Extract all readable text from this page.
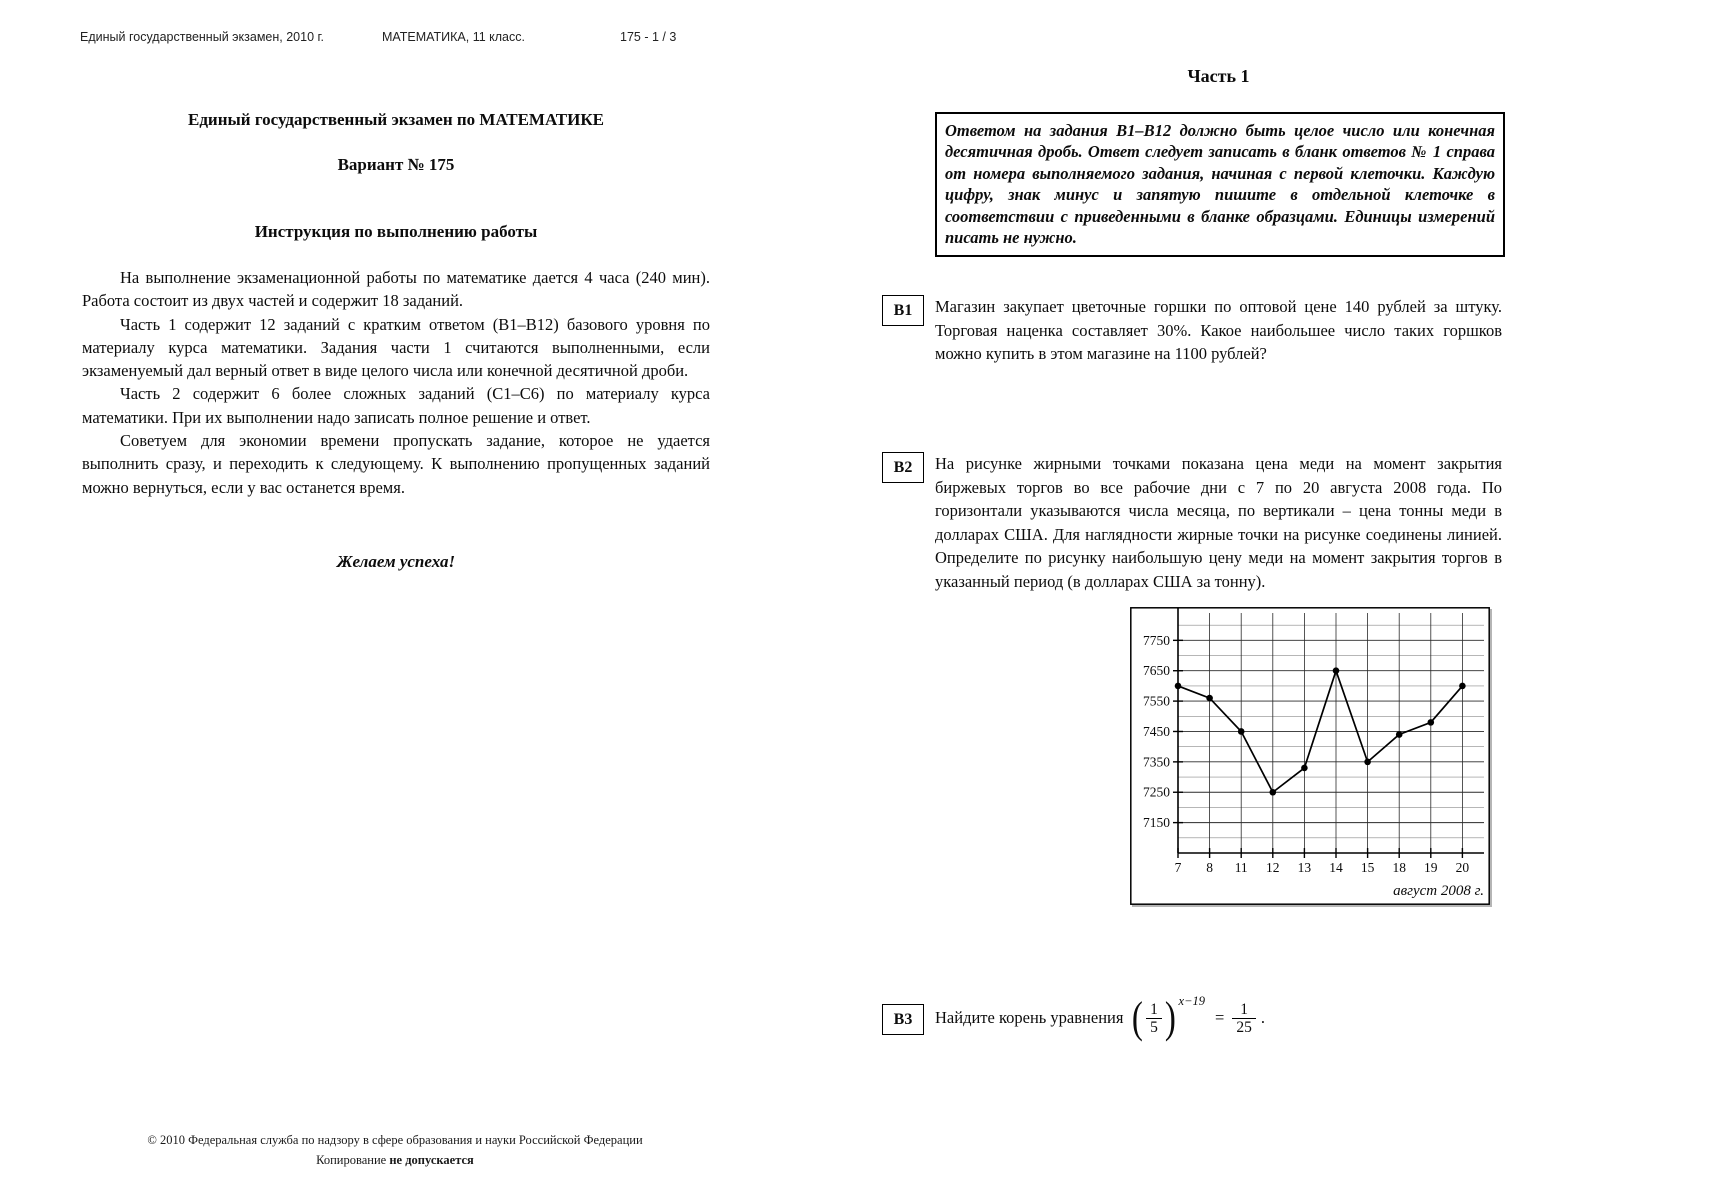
Единый государственный экзамен, 2010 г.	МАТЕМАТИКА, 11 класс.	175 - 1 / 3
Единый государственный экзамен по МАТЕМАТИКЕ
Вариант № 175
Инструкция по выполнению работы

На выполнение экзаменационной работы по математике дается 4 часа (240 мин). Работа состоит из двух частей и содержит 18 заданий.

Часть 1 содержит 12 заданий с кратким ответом (В1–В12) базового уровня по материалу курса математики. Задания части 1 считаются выполненными, если экзаменуемый дал верный ответ в виде целого числа или конечной десятичной дроби.

Часть 2 содержит 6 более сложных заданий (С1–С6) по материалу курса математики. При их выполнении надо записать полное решение и ответ.

Советуем для экономии времени пропускать задание, которое не удается выполнить сразу, и переходить к следующему. К выполнению пропущенных заданий можно вернуться, если у вас останется время.

Желаем успеха!
Часть 1
Ответом на задания В1–В12 должно быть целое число или конечная десятичная дробь. Ответ следует записать в бланк ответов № 1 справа от номера выполняемого задания, начиная с первой клеточки. Каждую цифру, знак минус и запятую пишите в отдельной клеточке в соответствии с приведенными в бланке образцами. Единицы измерений писать не нужно.
В1	Магазин закупает цветочные горшки по оптовой цене 140 рублей за штуку. Торговая наценка составляет 30%. Какое наибольшее число таких горшков можно купить в этом магазине на 1100 рублей?
В2	На рисунке жирными точками показана цена меди на момент закрытия биржевых торгов во все рабочие дни с 7 по 20 августа 2008 года. По горизонтали указываются числа месяца, по вертикали – цена тонны меди в долларах США. Для наглядности жирные точки на рисунке соединены линией. Определите по рисунку наибольшую цену меди на момент закрытия торгов в указанный период (в долларах США за тонну).
7150
7250
7350
7450
7550
7650
7750
7 8 11 12 13 14 15 18 19 20
август 2008 г.
В3	Найдите корень уравнения ( $\frac{1}{5}$ ) x−19
= $\frac{1}{25}$ .
© 2010 Федеральная служба по надзору в сфере образования и науки Российской Федерации
Копирование не допускается
